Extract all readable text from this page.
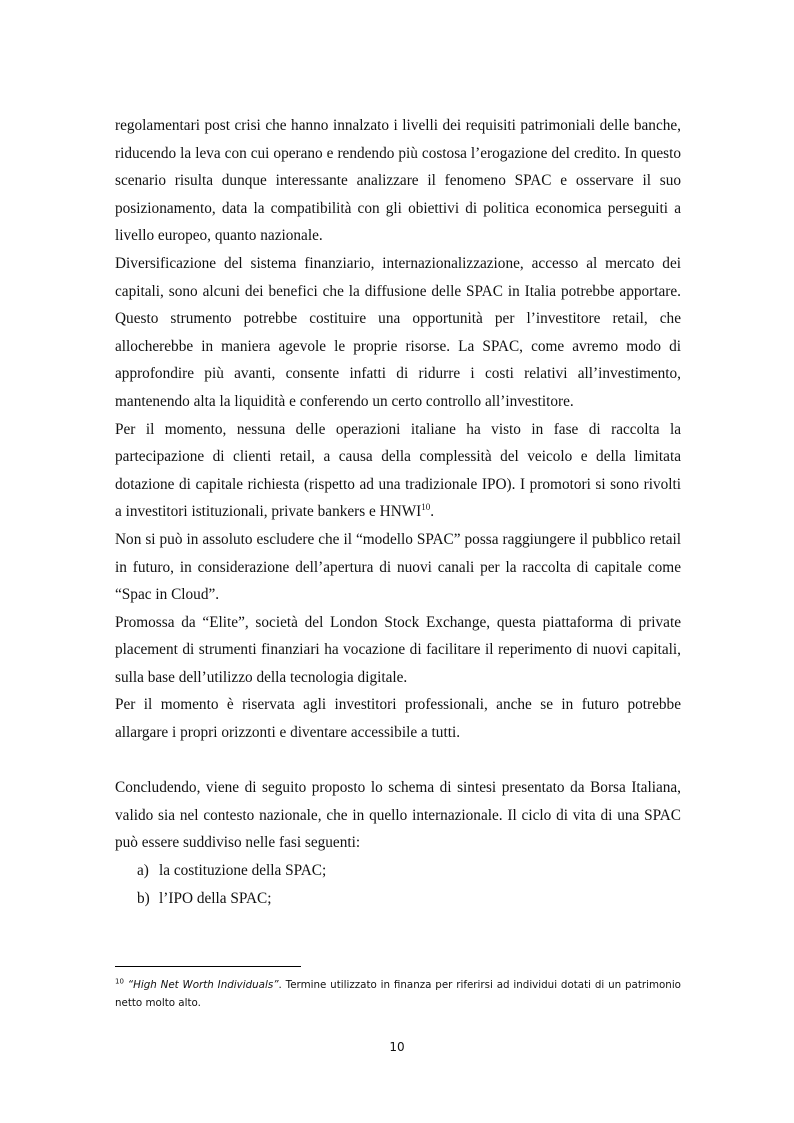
regolamentari post crisi che hanno innalzato i livelli dei requisiti patrimoniali delle banche, riducendo la leva con cui operano e rendendo più costosa l’erogazione del credito. In questo scenario risulta dunque interessante analizzare il fenomeno SPAC e osservare il suo posizionamento, data la compatibilità con gli obiettivi di politica economica perseguiti a livello europeo, quanto nazionale.

Diversificazione del sistema finanziario, internazionalizzazione, accesso al mercato dei capitali, sono alcuni dei benefici che la diffusione delle SPAC in Italia potrebbe apportare. Questo strumento potrebbe costituire una opportunità per l’investitore retail, che allocherebbe in maniera agevole le proprie risorse. La SPAC, come avremo modo di approfondire più avanti, consente infatti di ridurre i costi relativi all’investimento, mantenendo alta la liquidità e conferendo un certo controllo all’investitore.

Per il momento, nessuna delle operazioni italiane ha visto in fase di raccolta la partecipazione di clienti retail, a causa della complessità del veicolo e della limitata dotazione di capitale richiesta (rispetto ad una tradizionale IPO). I promotori si sono rivolti a investitori istituzionali, private bankers e HNWI$^{10}$.

Non si può in assoluto escludere che il “modello SPAC” possa raggiungere il pubblico retail in futuro, in considerazione dell’apertura di nuovi canali per la raccolta di capitale come “Spac in Cloud”.

Promossa da “Elite”, società del London Stock Exchange, questa piattaforma di private placement di strumenti finanziari ha vocazione di facilitare il reperimento di nuovi capitali, sulla base dell’utilizzo della tecnologia digitale.

Per il momento è riservata agli investitori professionali, anche se in futuro potrebbe allargare i propri orizzonti e diventare accessibile a tutti.

Concludendo, viene di seguito proposto lo schema di sintesi presentato da Borsa Italiana, valido sia nel contesto nazionale, che in quello internazionale. Il ciclo di vita di una SPAC può essere suddiviso nelle fasi seguenti:

a) la costituzione della SPAC;
b) l’IPO della SPAC;

$^{10}$ “High Net Worth Individuals”. Termine utilizzato in finanza per riferirsi ad individui dotati di un patrimonio netto molto alto.

10
